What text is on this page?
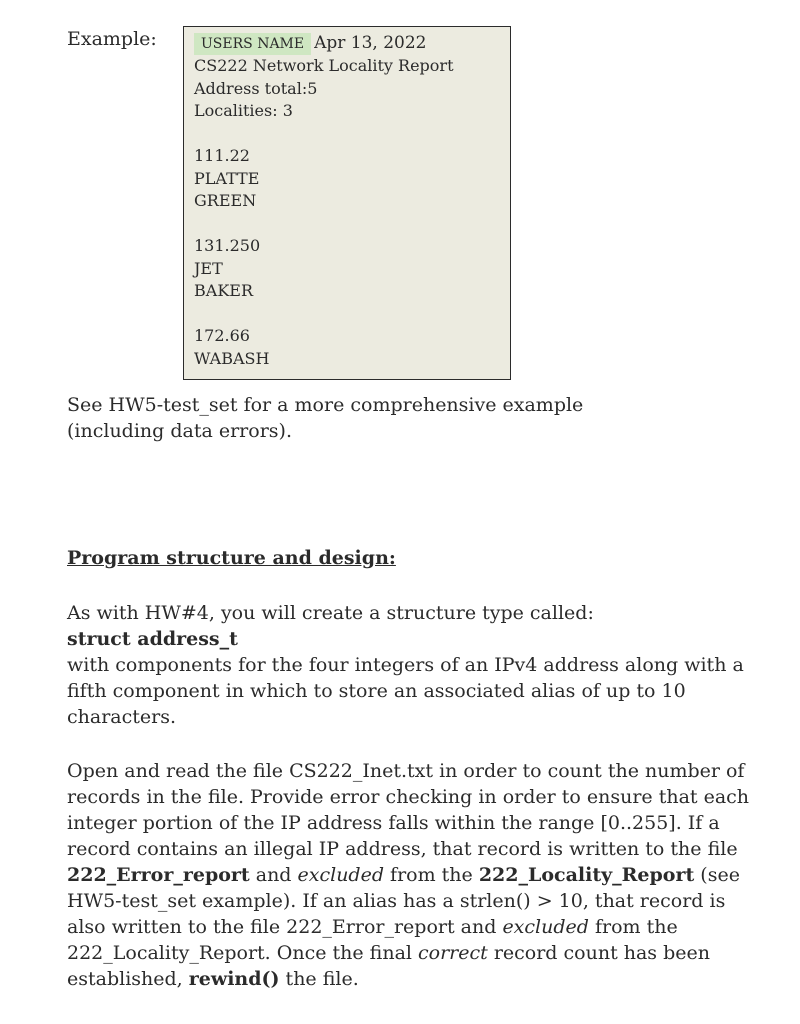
Example:	USERS NAME Apr 13, 2022
CS222 Network Locality Report
Address total:5
Localities: 3
111.22
PLATTE
GREEN
131.250
JET
BAKER
172.66
WABASH
See HW5-test_set for a more comprehensive example
(including data errors).
Program structure and design:
As with HW#4, you will create a structure type called:
struct address_t
with components for the four integers of an IPv4 address along with a fifth component in which to store an associated alias of up to 10 characters.
Open and read the file CS222_Inet.txt in order to count the number of records in the file. Provide error checking in order to ensure that each integer portion of the IP address falls within the range [0..255]. If a record contains an illegal IP address, that record is written to the file 222_Error_report and excluded from the 222_Locality_Report (see HW5-test_set example). If an alias has a strlen() > 10, that record is also written to the file 222_Error_report and excluded from the 222_Locality_Report. Once the final correct record count has been established, rewind() the file.
